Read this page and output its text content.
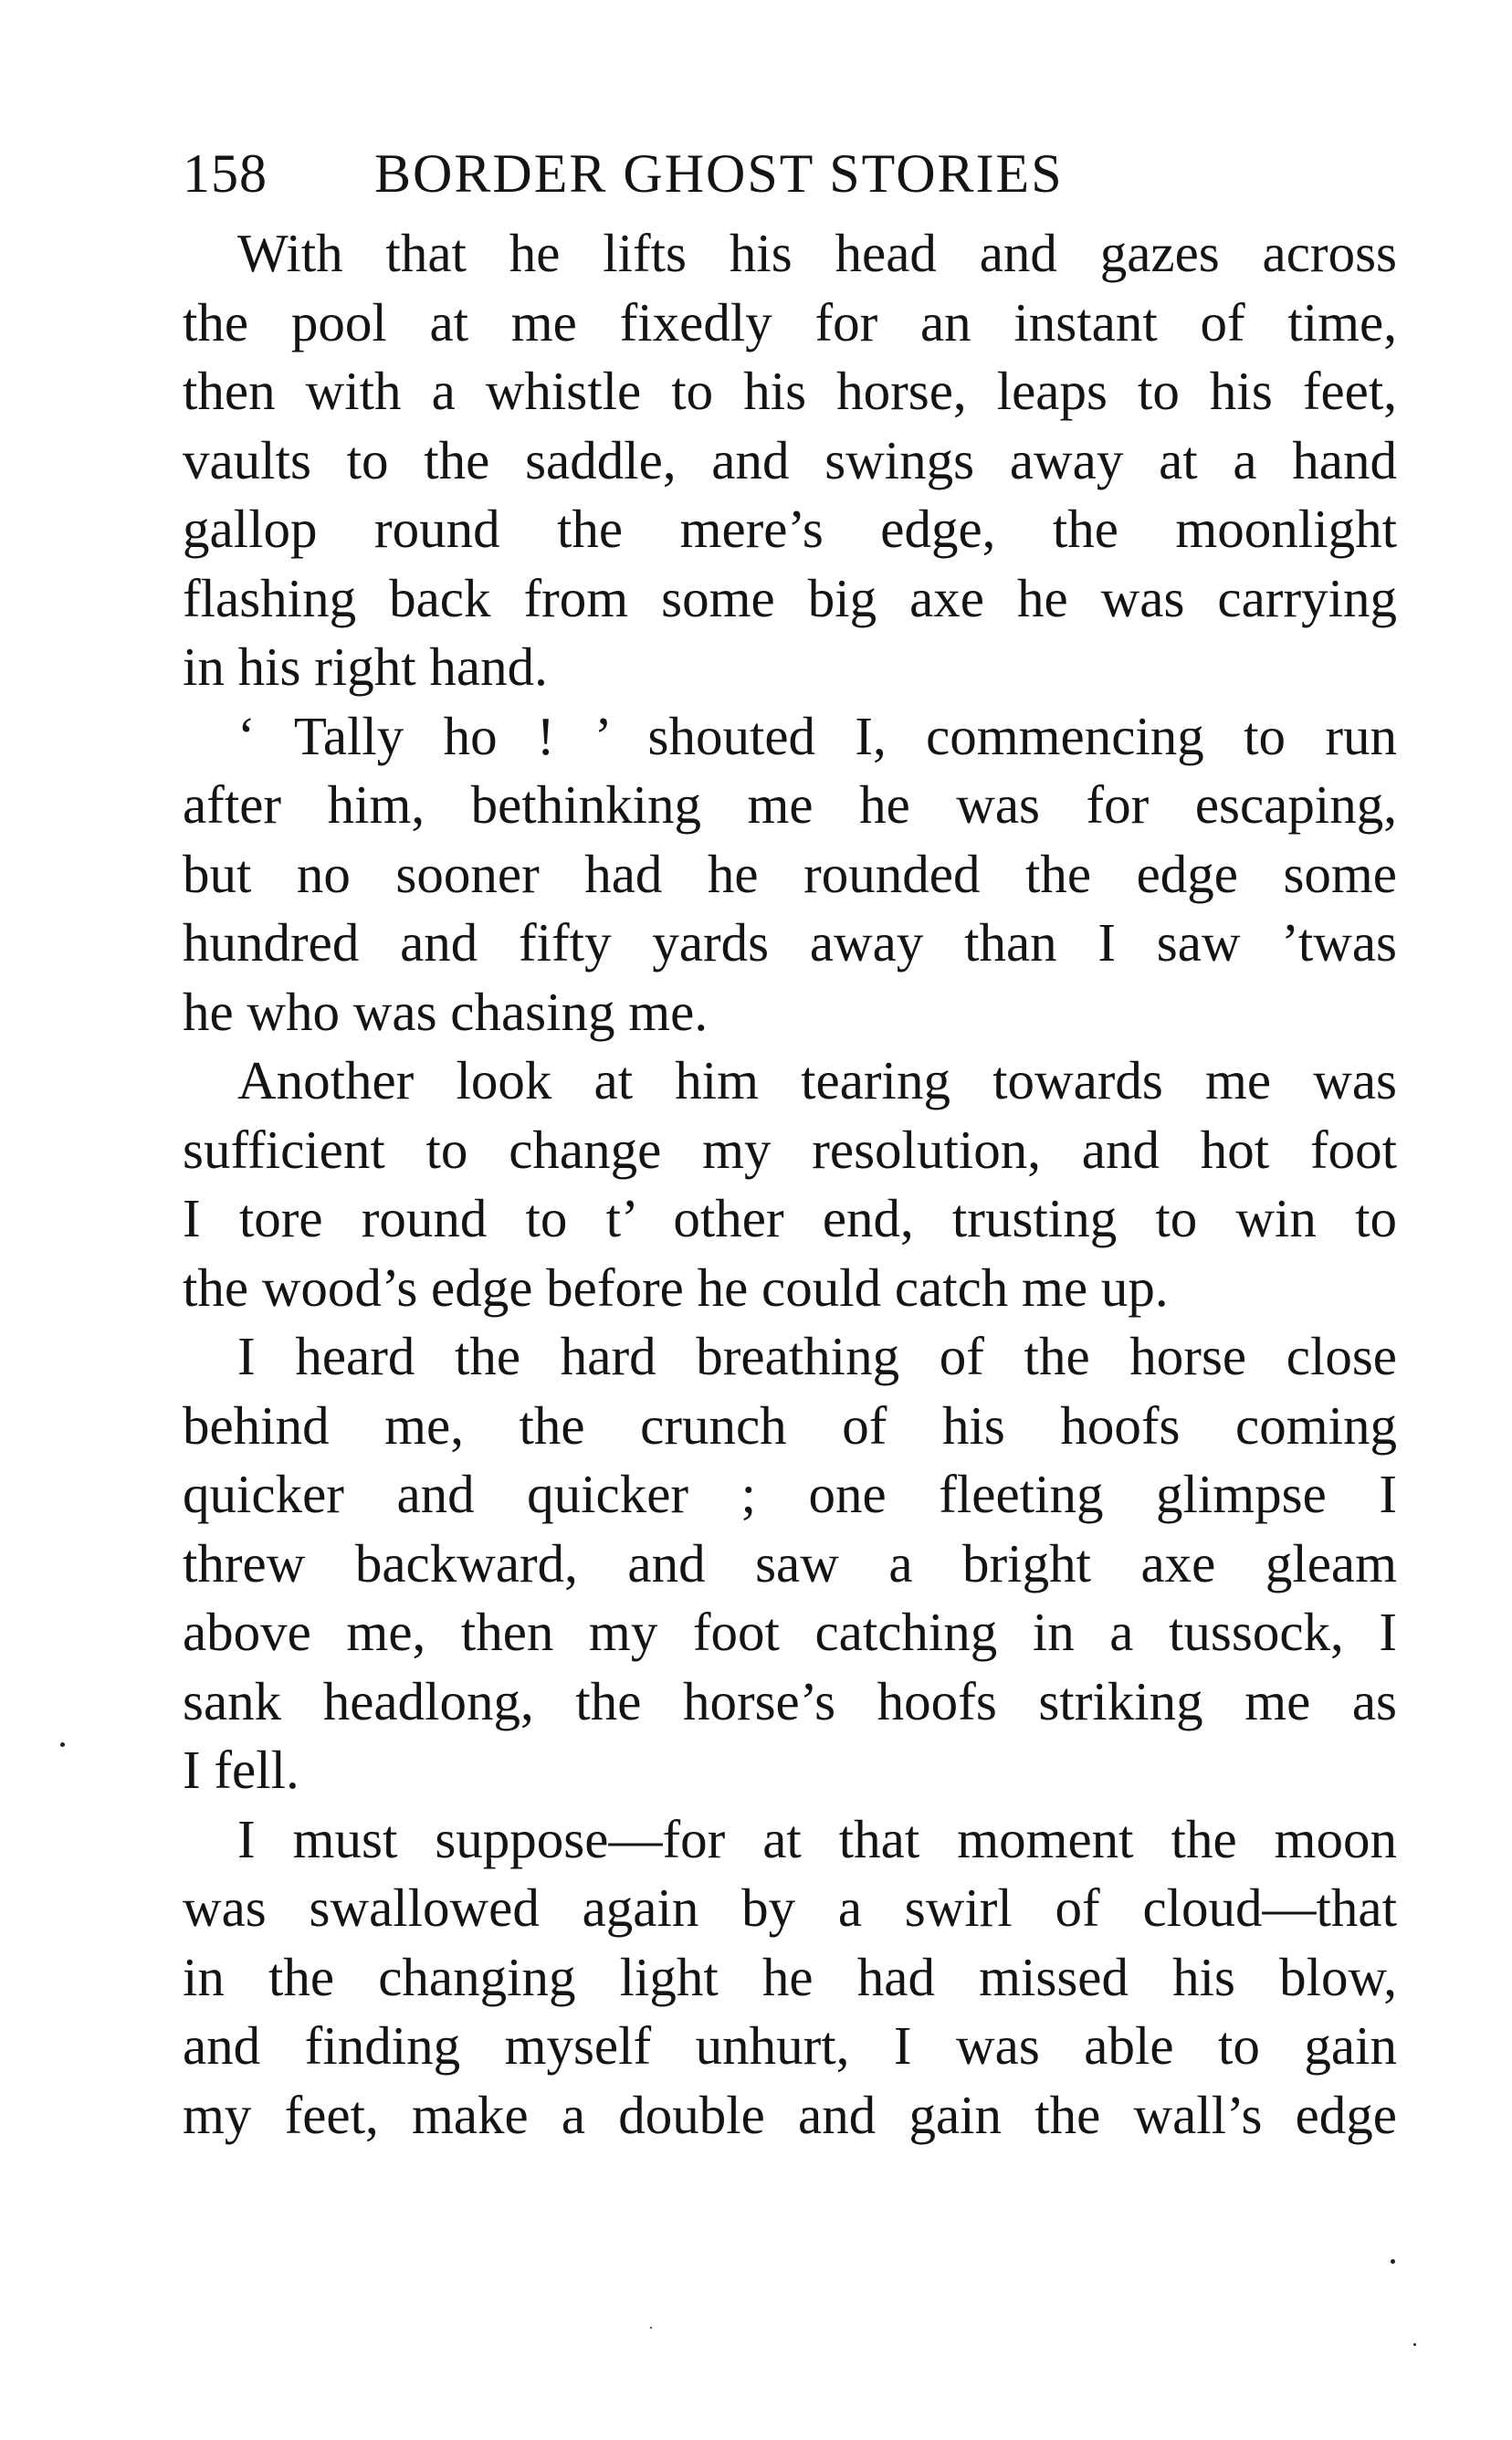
158	BORDER GHOST STORIES

With that he lifts his head and gazes across
the pool at me fixedly for an instant of time,
then with a whistle to his horse, leaps to his feet,
vaults to the saddle, and swings away at a hand
gallop round the mere’s edge, the moonlight
flashing back from some big axe he was carrying
in his right hand.

‘ Tally ho ! ’ shouted I, commencing to run
after him, bethinking me he was for escaping,
but no sooner had he rounded the edge some
hundred and fifty yards away than I saw ’twas
he who was chasing me.

Another look at him tearing towards me was
sufficient to change my resolution, and hot foot
I tore round to t’ other end, trusting to win to
the wood’s edge before he could catch me up.

I heard the hard breathing of the horse close
behind me, the crunch of his hoofs coming
quicker and quicker ; one fleeting glimpse I
threw backward, and saw a bright axe gleam
above me, then my foot catching in a tussock, I
sank headlong, the horse’s hoofs striking me as
I fell.

I must suppose—for at that moment the moon
was swallowed again by a swirl of cloud—that
in the changing light he had missed his blow,
and finding myself unhurt, I was able to gain
my feet, make a double and gain the wall’s edge
